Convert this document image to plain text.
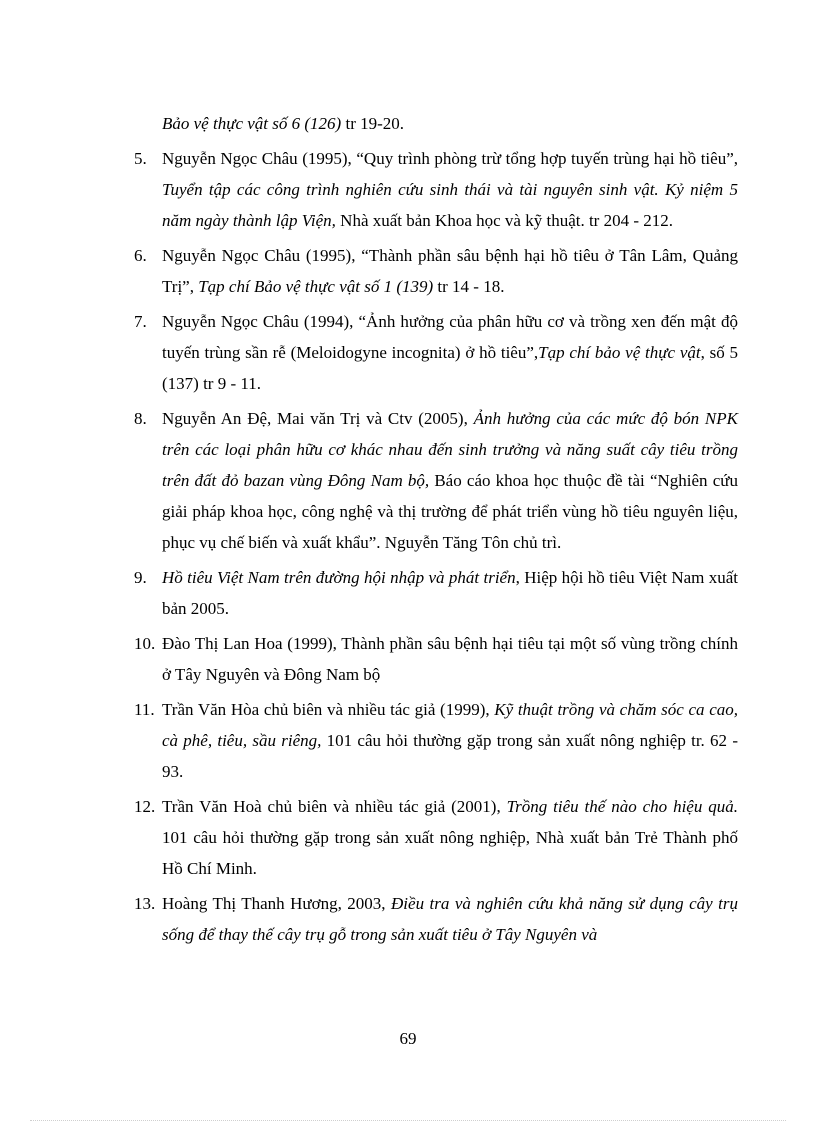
Bảo vệ thực vật số 6 (126) tr 19-20.
5. Nguyễn Ngọc Châu (1995), “Quy trình phòng trừ tổng hợp tuyến trùng hại hồ tiêu”, Tuyển tập các công trình nghiên cứu sinh thái và tài nguyên sinh vật. Kỷ niệm 5 năm ngày thành lập Viện, Nhà xuất bản Khoa học và kỹ thuật. tr 204 - 212.
6. Nguyễn Ngọc Châu (1995), “Thành phần sâu bệnh hại hồ tiêu ở Tân Lâm, Quảng Trị”, Tạp chí Bảo vệ thực vật số 1 (139) tr 14 - 18.
7. Nguyễn Ngọc Châu (1994), “Ảnh hưởng của phân hữu cơ và trồng xen đến mật độ tuyến trùng sần rễ (Meloidogyne incognita) ở hồ tiêu”,Tạp chí bảo vệ thực vật, số 5 (137) tr 9 - 11.
8. Nguyễn An Đệ, Mai văn Trị và Ctv (2005), Ảnh hưởng của các mức độ bón NPK trên các loại phân hữu cơ khác nhau đến sinh trưởng và năng suất cây tiêu trồng trên đất đỏ bazan vùng Đông Nam bộ, Báo cáo khoa học thuộc đề tài “Nghiên cứu giải pháp khoa học, công nghệ và thị trường để phát triển vùng hồ tiêu nguyên liệu, phục vụ chế biến và xuất khẩu”. Nguyễn Tăng Tôn chủ trì.
9. Hồ tiêu Việt Nam trên đường hội nhập và phát triển, Hiệp hội hồ tiêu Việt Nam xuất bản 2005.
10. Đào Thị Lan Hoa (1999), Thành phần sâu bệnh hại tiêu tại một số vùng trồng chính ở Tây Nguyên và Đông Nam bộ
11. Trần Văn Hòa chủ biên và nhiều tác giả (1999), Kỹ thuật trồng và chăm sóc ca cao, cà phê, tiêu, sầu riêng, 101 câu hỏi thường gặp trong sản xuất nông nghiệp tr. 62 - 93.
12. Trần Văn Hoà chủ biên và nhiều tác giả (2001), Trồng tiêu thế nào cho hiệu quả. 101 câu hỏi thường gặp trong sản xuất nông nghiệp, Nhà xuất bản Trẻ Thành phố Hồ Chí Minh.
13. Hoàng Thị Thanh Hương, 2003, Điều tra và nghiên cứu khả năng sử dụng cây trụ sống để thay thế cây trụ gỗ trong sản xuất tiêu ở Tây Nguyên và
69
